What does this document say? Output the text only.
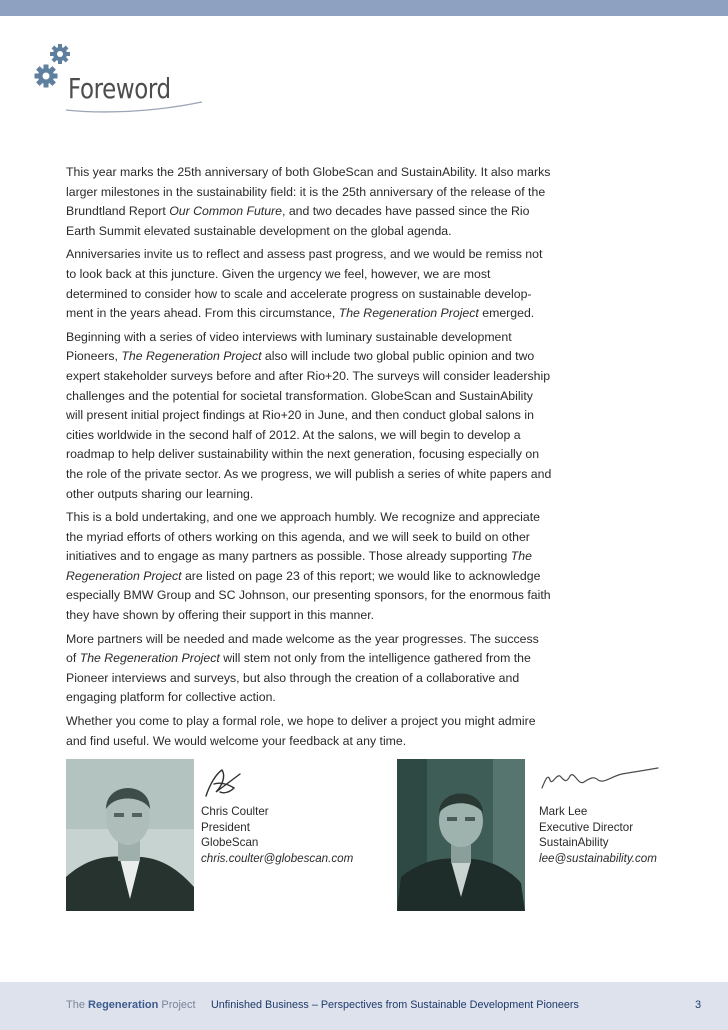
Foreword

This year marks the 25th anniversary of both GlobeScan and SustainAbility. It also marks larger milestones in the sustainability field: it is the 25th anniversary of the release of the Brundtland Report Our Common Future, and two decades have passed since the Rio Earth Summit elevated sustainable development on the global agenda.

Anniversaries invite us to reflect and assess past progress, and we would be remiss not to look back at this juncture. Given the urgency we feel, however, we are most determined to consider how to scale and accelerate progress on sustainable develop-ment in the years ahead. From this circumstance, The Regeneration Project emerged.

Beginning with a series of video interviews with luminary sustainable development Pioneers, The Regeneration Project also will include two global public opinion and two expert stakeholder surveys before and after Rio+20. The surveys will consider leadership challenges and the potential for societal transformation. GlobeScan and SustainAbility will present initial project findings at Rio+20 in June, and then conduct global salons in cities worldwide in the second half of 2012. At the salons, we will begin to develop a roadmap to help deliver sustainability within the next generation, focusing especially on the role of the private sector. As we progress, we will publish a series of white papers and other outputs sharing our learning.

This is a bold undertaking, and one we approach humbly. We recognize and appreciate the myriad efforts of others working on this agenda, and we will seek to build on other initiatives and to engage as many partners as possible. Those already supporting The Regeneration Project are listed on page 23 of this report; we would like to acknowledge especially BMW Group and SC Johnson, our presenting sponsors, for the enormous faith they have shown by offering their support in this manner.

More partners will be needed and made welcome as the year progresses. The success of The Regeneration Project will stem not only from the intelligence gathered from the Pioneer interviews and surveys, but also through the creation of a collaborative and engaging platform for collective action.

Whether you come to play a formal role, we hope to deliver a project you might admire and find useful. We would welcome your feedback at any time.

Chris Coulter
President
GlobeScan
chris.coulter@globescan.com
Mark Lee
Executive Director
SustainAbility
lee@sustainability.com
The Regeneration Project Unfinished Business – Perspectives from Sustainable Development Pioneers	3
